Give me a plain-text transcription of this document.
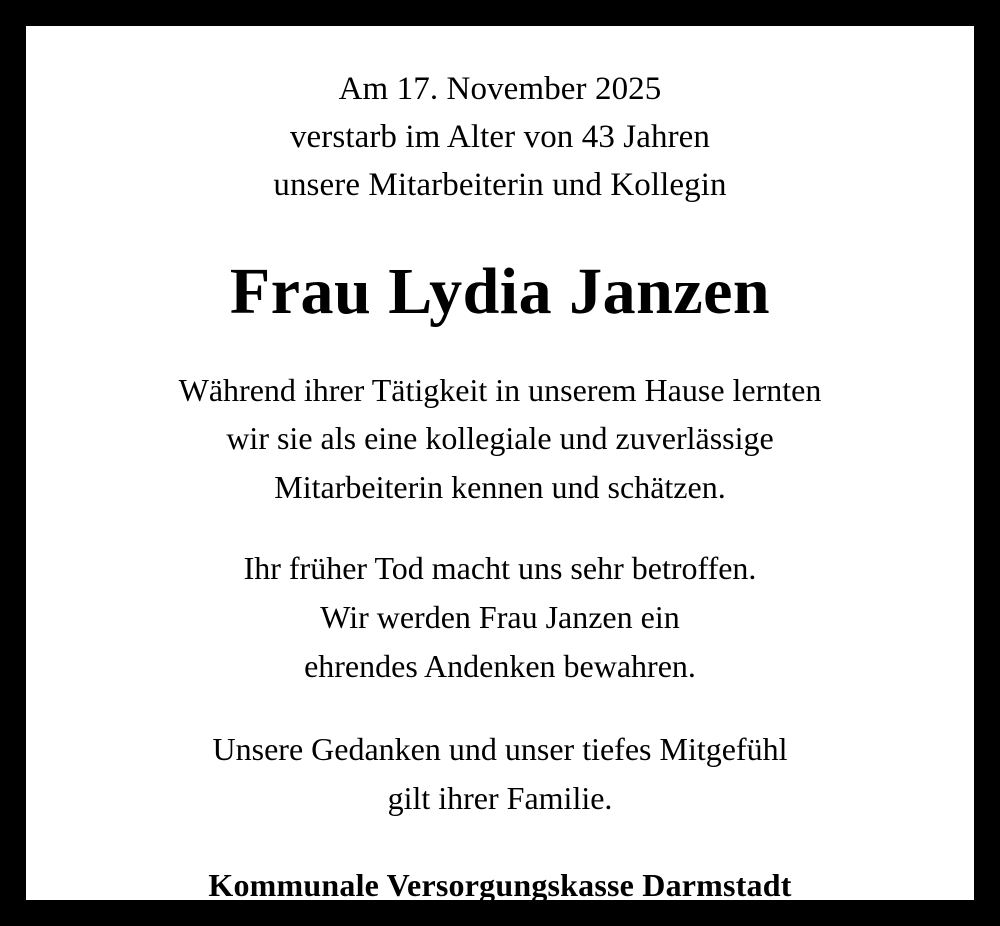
Am 17. November 2025
verstarb im Alter von 43 Jahren
unsere Mitarbeiterin und Kollegin
Frau Lydia Janzen
Während ihrer Tätigkeit in unserem Hause lernten
wir sie als eine kollegiale und zuverlässige
Mitarbeiterin kennen und schätzen.
Ihr früher Tod macht uns sehr betroffen.
Wir werden Frau Janzen ein
ehrendes Andenken bewahren.
Unsere Gedanken und unser tiefes Mitgefühl
gilt ihrer Familie.
Kommunale Versorgungskasse Darmstadt
